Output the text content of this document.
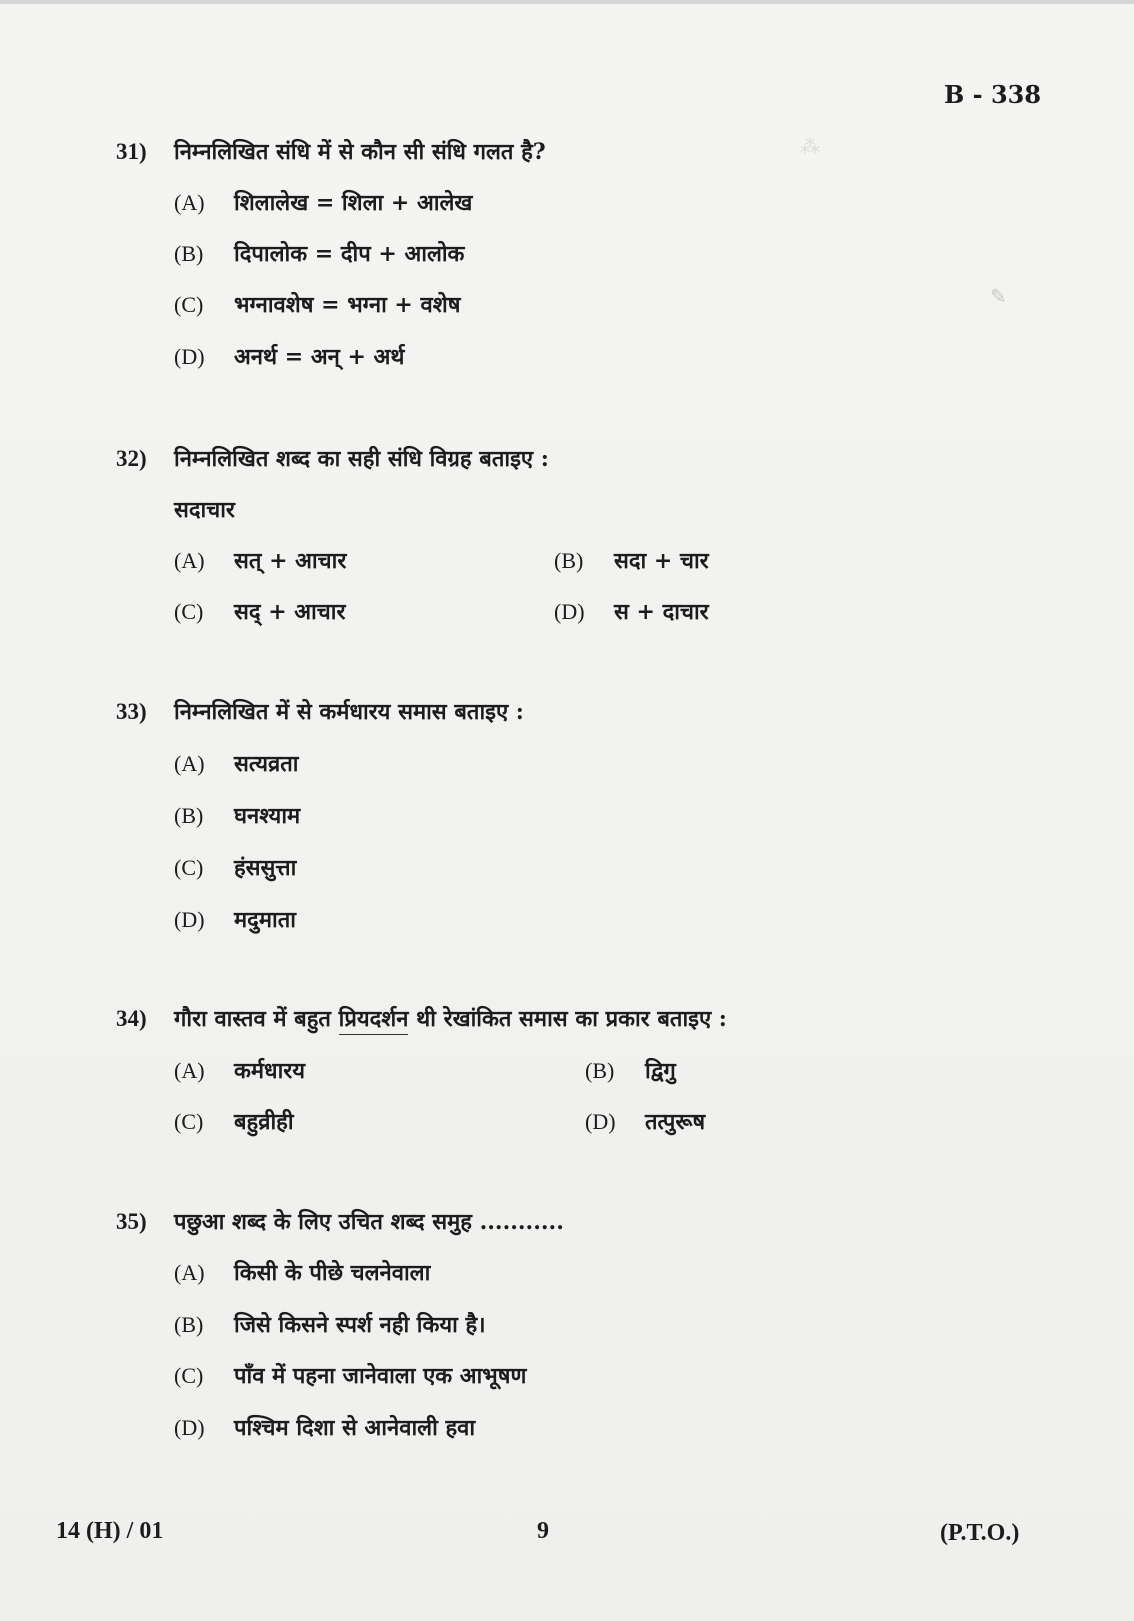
⁂
✎
B - 338
31)	निम्नलिखित संधि में से कौन सी संधि गलत है?
(A)	शिलालेख = शिला + आलेख
(B)	दिपालोक = दीप + आलोक
(C)	भग्नावशेष = भग्ना + वशेष
(D)	अनर्थ = अन् + अर्थ
32)	निम्नलिखित शब्द का सही संधि विग्रह बताइए :
सदाचार
(A)	सत् + आचार	(B)	सदा + चार
(C)	सद् + आचार	(D)	स + दाचार
33)	निम्नलिखित में से कर्मधारय समास बताइए :
(A)	सत्यव्रता
(B)	घनश्याम
(C)	हंससुत्ता
(D)	मदुमाता
34)	गौरा वास्तव में बहुत प्रियदर्शन थी रेखांकित समास का प्रकार बताइए :
(A)	कर्मधारय	(B)	द्विगु
(C)	बहुव्रीही	(D)	तत्पुरूष
35)	पछुआ शब्द के लिए उचित शब्द समुह ...........
(A)	किसी के पीछे चलनेवाला
(B)	जिसे किसने स्पर्श नही किया है।
(C)	पाँव में पहना जानेवाला एक आभूषण
(D)	पश्चिम दिशा से आनेवाली हवा
14 (H) / 01	9	(P.T.O.)
